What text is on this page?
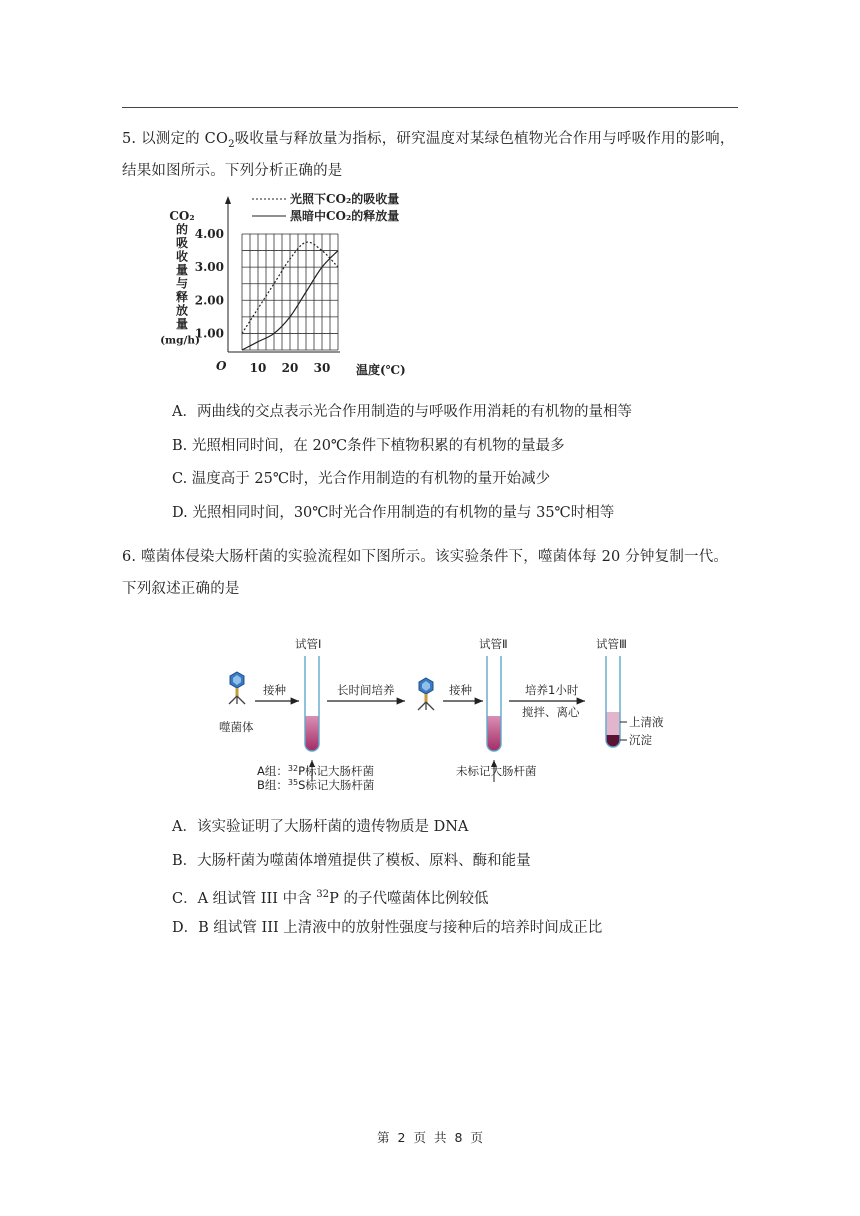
5. 以测定的 $CO_2$吸收量与释放量为指标，研究温度对某绿色植物光合作用与呼吸作用的影响，
结果如图所示。下列分析正确的是
光照下CO₂的吸收量
黑暗中CO₂的释放量
CO₂
的
吸
收
量
与
释
放
量
(mg/h)
10 20 30
1.00
2.00
3.00
4.00
O	温度(℃)
A．两曲线的交点表示光合作用制造的与呼吸作用消耗的有机物的量相等
B. 光照相同时间，在 20℃条件下植物积累的有机物的量最多
C. 温度高于 25℃时，光合作用制造的有机物的量开始减少
D. 光照相同时间，30℃时光合作用制造的有机物的量与 35℃时相等
6. 噬菌体侵染大肠杆菌的实验流程如下图所示。该实验条件下，噬菌体每 20 分钟复制一代。
下列叙述正确的是
噬菌体
接种
试管Ⅰ
长时间培养	接种
试管Ⅱ
未标记大肠杆菌
培养1小时
搅拌、离心
试管Ⅲ
上清液
沉淀
A组：$^{32}$P标记大肠杆菌
B组：$^{35}$S标记大肠杆菌
A．该实验证明了大肠杆菌的遗传物质是 DNA
B．大肠杆菌为噬菌体增殖提供了模板、原料、酶和能量
C．A 组试管 III 中含 $^{32}$P 的子代噬菌体比例较低
D．B 组试管 III 上清液中的放射性强度与接种后的培养时间成正比
第 2 页 共 8 页
